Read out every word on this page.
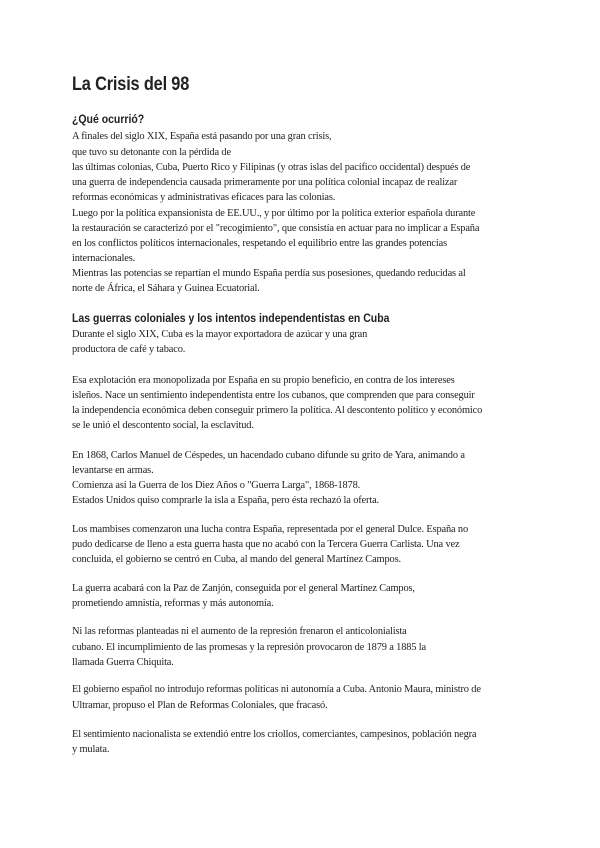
La Crisis del 98
¿Qué ocurrió?

A finales del siglo XIX, España está pasando por una gran crisis,

que tuvo su detonante con la pérdida de

las últimas colonias, Cuba, Puerto Rico y Filipinas (y otras islas del pacífico occidental) después de

una guerra de independencia causada primeramente por una política colonial incapaz de realizar

reformas económicas y administrativas eficaces para las colonias.

Luego por la política expansionista de EE.UU., y por último por la política exterior española durante

la restauración se caracterizó por el "recogimiento", que consistía en actuar para no implicar a España

en los conflictos políticos internacionales, respetando el equilibrio entre las grandes potencias

internacionales.

Mientras las potencias se repartían el mundo España perdía sus posesiones, quedando reducidas al

norte de África, el Sáhara y Guinea Ecuatorial.

Las guerras coloniales y los intentos independentistas en Cuba

Durante el siglo XIX, Cuba es la mayor exportadora de azúcar y una gran

productora de café y tabaco.

Esa explotación era monopolizada por España en su propio beneficio, en contra de los intereses

isleños. Nace un sentimiento independentista entre los cubanos, que comprenden que para conseguir

la independencia económica deben conseguir primero la política. Al descontento político y económico

se le unió el descontento social, la esclavitud.

En 1868, Carlos Manuel de Céspedes, un hacendado cubano difunde su grito de Yara, animando a

levantarse en armas.

Comienza así la Guerra de los Diez Años o "Guerra Larga", 1868-1878.

Estados Unidos quiso comprarle la isla a España, pero ésta rechazó la oferta.

Los mambises comenzaron una lucha contra España, representada por el general Dulce. España no

pudo dedicarse de lleno a esta guerra hasta que no acabó con la Tercera Guerra Carlista. Una vez

concluida, el gobierno se centró en Cuba, al mando del general Martínez Campos.

La guerra acabará con la Paz de Zanjón, conseguida por el general Martínez Campos,

prometiendo amnistía, reformas y más autonomía.

Ni las reformas planteadas ni el aumento de la represión frenaron el anticolonialista

cubano. El incumplimiento de las promesas y la represión provocaron de 1879 a 1885 la

llamada Guerra Chiquita.

El gobierno español no introdujo reformas políticas ni autonomía a Cuba. Antonio Maura, ministro de

Ultramar, propuso el Plan de Reformas Coloniales, que fracasó.

El sentimiento nacionalista se extendió entre los criollos, comerciantes, campesinos, población negra

y mulata.
